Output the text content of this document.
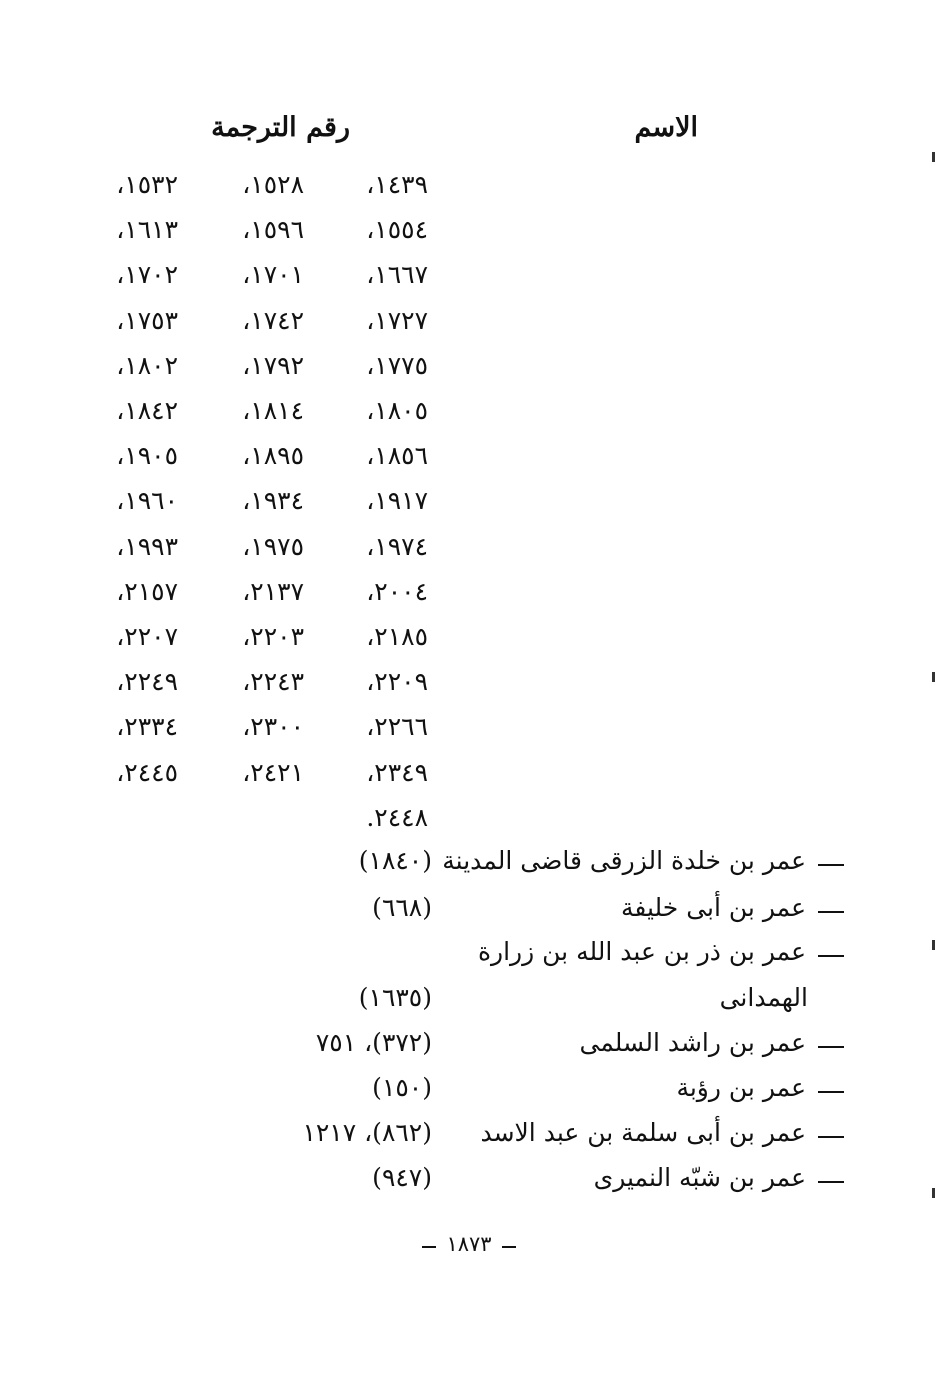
الاسم
رقم الترجمة
١٤٣٩،
١٥٢٨،
١٥٣٢،
١٥٥٤،
١٥٩٦،
١٦١٣،
١٦٦٧،
١٧٠١،
١٧٠٢،
١٧٢٧،
١٧٤٢،
١٧٥٣،
١٧٧٥،
١٧٩٢،
١٨٠٢،
١٨٠٥،
١٨١٤،
١٨٤٢،
١٨٥٦،
١٨٩٥،
١٩٠٥،
١٩١٧،
١٩٣٤،
١٩٦٠،
١٩٧٤،
١٩٧٥،
١٩٩٣،
٢٠٠٤،
٢١٣٧،
٢١٥٧،
٢١٨٥،
٢٢٠٣،
٢٢٠٧،
٢٢٠٩،
٢٢٤٣،
٢٢٤٩،
٢٢٦٦،
٢٣٠٠،
٢٣٣٤،
٢٣٤٩،
٢٤٢١،
٢٤٤٥،
٢٤٤٨.
عمر بن خلدة الزرقى قاضى المدينة
(١٨٤٠)
عمر بن أبى خليفة
(٦٦٨)
عمر بن ذر بن عبد الله بن زرارة
الهمدانى
(١٦٣٥)
عمر بن راشد السلمى
(٣٧٢)، ٧٥١
عمر بن رؤبة
(١٥٠)
عمر بن أبى سلمة بن عبد الاسد
(٨٦٢)، ١٢١٧
عمر بن شبّه النميرى
(٩٤٧)
١٨٧٣
